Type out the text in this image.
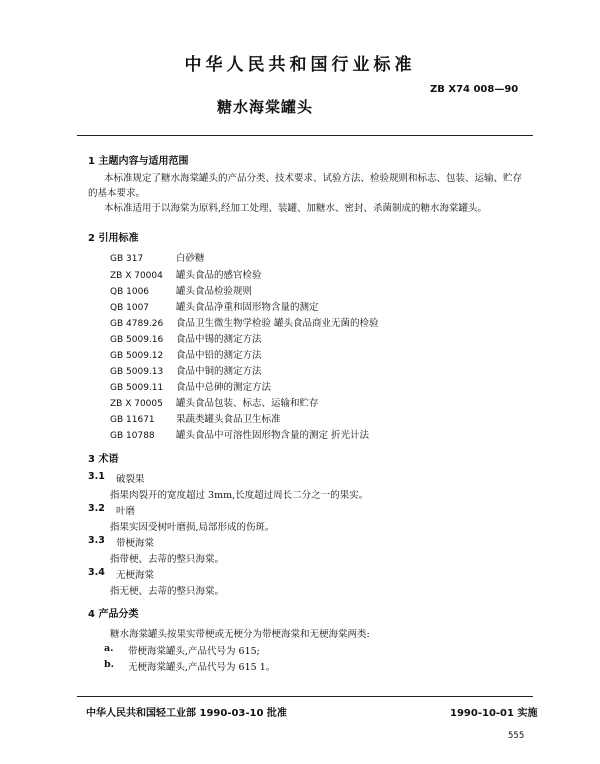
中华人民共和国行业标准
ZB X74 008—90
糖水海棠罐头
1 主题内容与适用范围

本标准规定了糖水海棠罐头的产品分类、技术要求、试验方法、检验规则和标志、包装、运输、贮存的基本要求。

本标准适用于以海棠为原料,经加工处理、装罐、加糖水、密封、杀菌制成的糖水海棠罐头。

2 引用标准
GB 317	白砂糖
ZB X 70004 罐头食品的感官检验
QB 1006	罐头食品检验规则
QB 1007	罐头食品净重和固形物含量的测定
GB 4789.26 食品卫生微生物学检验 罐头食品商业无菌的检验
GB 5009.16 食品中锡的测定方法
GB 5009.12 食品中铅的测定方法
GB 5009.13 食品中铜的测定方法
GB 5009.11 食品中总砷的测定方法
ZB X 70005 罐头食品包装、标志、运输和贮存
GB 11671 果蔬类罐头食品卫生标准
GB 10788 罐头食品中可溶性固形物含量的测定 折光计法
3 术语
3.1 破裂果
指果肉裂开的宽度超过 3mm,长度超过周长二分之一的果实。
3.2 叶磨
指果实因受树叶磨损,局部形成的伤斑。
3.3 带梗海棠
指带梗、去蒂的整只海棠。
3.4 无梗海棠
指无梗、去蒂的整只海棠。
4 产品分类
糖水海棠罐头按果实带梗或无梗分为带梗海棠和无梗海棠两类:
a. 带梗海棠罐头,产品代号为 615;
b. 无梗海棠罐头,产品代号为 615 1。
中华人民共和国轻工业部 1990-03-10 批准	1990-10-01 实施
555
